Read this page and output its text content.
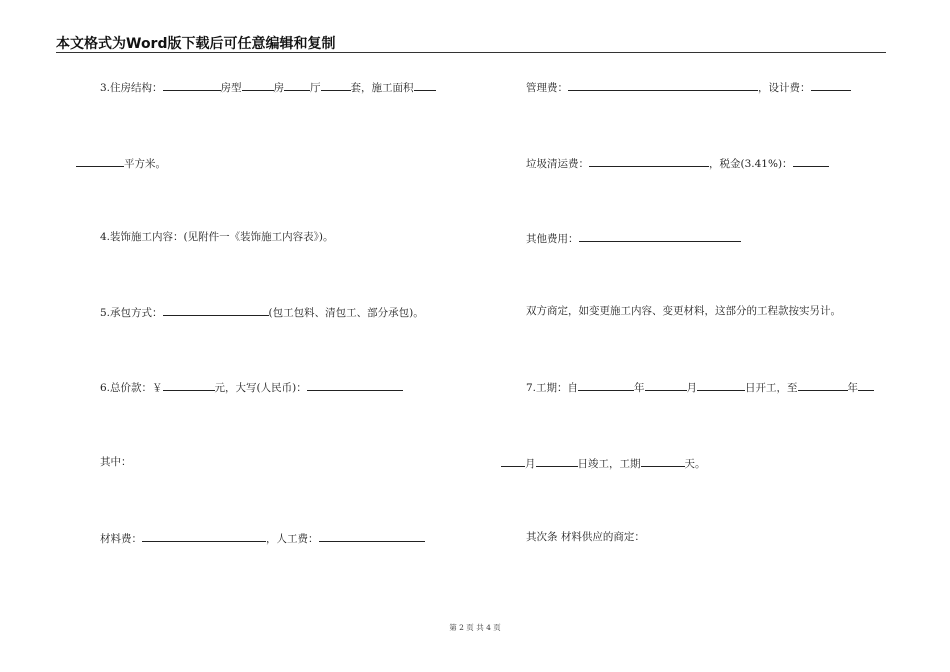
本文格式为Word版下载后可任意编辑和复制
3.住房结构：	房型	房 厅	套，施工面积
平方米。
4.装饰施工内容：(见附件一《装饰施工内容表》)。
5.承包方式：	(包工包料、清包工、部分承包)。
6.总价款：￥	元，大写(人民币)：
其中：
材料费：	，人工费：
管理费：	，设计费：
垃圾清运费：	，税金(3.41%)：
其他费用：
双方商定，如变更施工内容、变更材料，这部分的工程款按实另计。
7.工期：自	年	月	日开工，至	年
月	日竣工，工期	天。
其次条 材料供应的商定：
第 2 页 共 4 页
